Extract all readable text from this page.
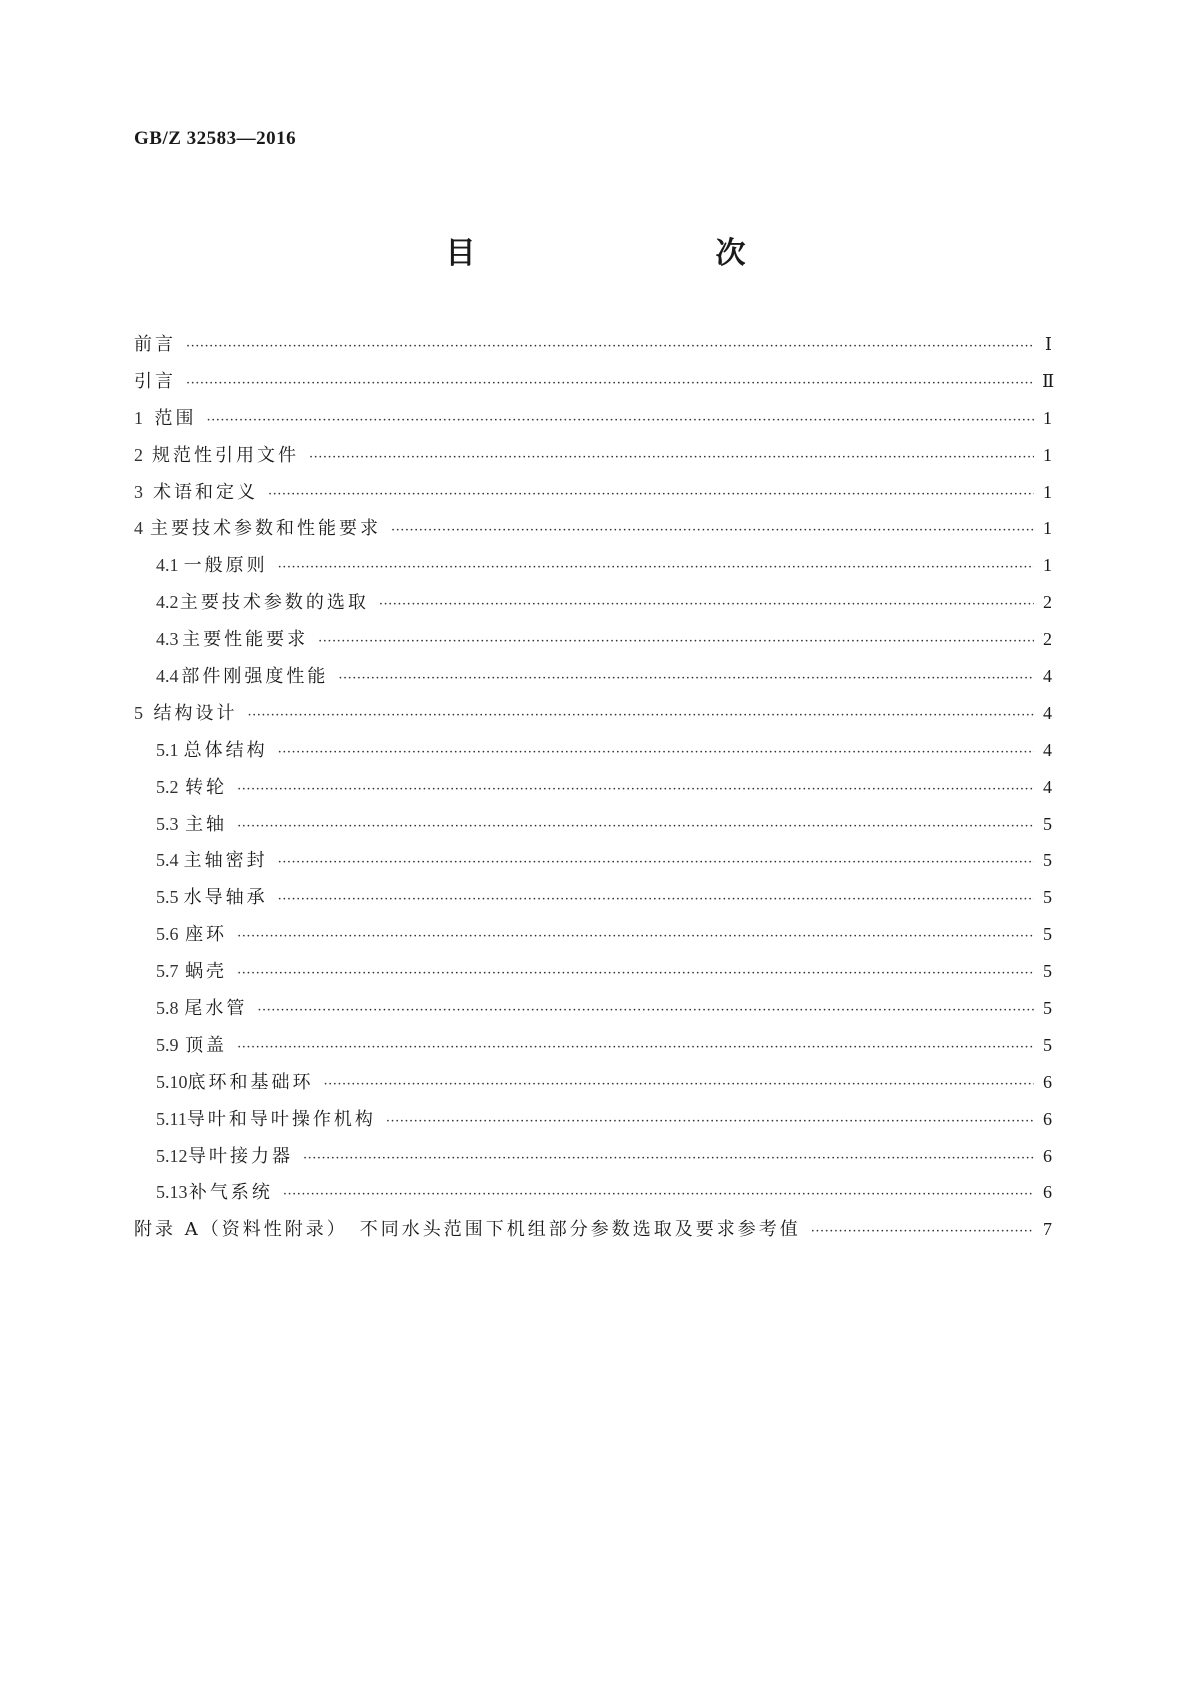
GB/Z 32583—2016
目　　次
前言 ·····	Ⅰ
引言 ·····	Ⅱ
1 范围 ·····	1
2 规范性引用文件 ·····	1
3 术语和定义 ·····	1
4 主要技术参数和性能要求 ·····	1
4.1 一般原则 ·····	1
4.2 主要技术参数的选取 ·····	2
4.3 主要性能要求 ·····	2
4.4 部件刚强度性能 ·····	4
5 结构设计 ·····	4
5.1 总体结构 ·····	4
5.2 转轮 ·····	4
5.3 主轴 ·····	5
5.4 主轴密封 ·····	5
5.5 水导轴承 ·····	5
5.6 座环 ·····	5
5.7 蜗壳 ·····	5
5.8 尾水管 ·····	5
5.9 顶盖 ·····	5
5.10 底环和基础环 ·····	6
5.11 导叶和导叶操作机构 ·····	6
5.12 导叶接力器 ·····	6
5.13 补气系统 ·····	6
附录 A（资料性附录）　不同水头范围下机组部分参数选取及要求参考值 ·····	7
